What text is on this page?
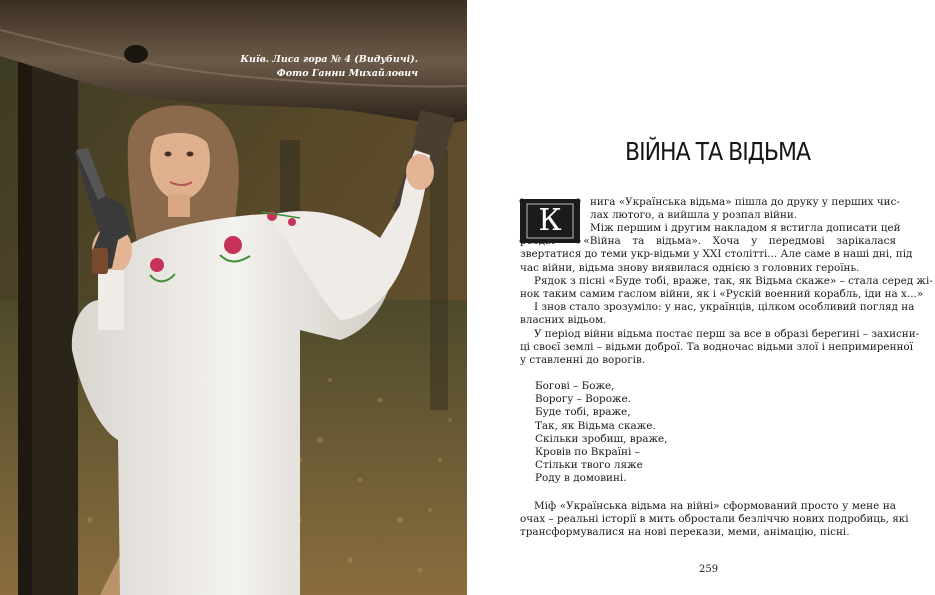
Київ. Лиса гора № 4 (Видубичі).
Фото Ганни Михайлович
ВІЙНА ТА ВІДЬМА
К
нига «Українська відьма» пішла до друку у перших чис-
лах лютого, а вийшла у розпал війни.
Між першим і другим накладом я встигла дописати цей
розділ – «Війна та відьма». Хоча у передмові зарікалася
звертатися до теми укр-відьми у XXI столітті... Але саме в наші дні, під
час війни, відьма знову виявилася однією з головних героїнь.
Рядок з пісні «Буде тобі, враже, так, як Відьма скаже» – стала серед жі-
нок таким самим гаслом війни, як і «Рускій военний корабль, іди на х...»
І знов стало зрозуміло: у нас, українців, цілком особливий погляд на
власних відьом.
У період війни відьма постає перш за все в образі берегині – захисни-
ці своєї землі – відьми доброї. Та водночас відьми злої і непримиренної
у ставленні до ворогів.
Богові – Боже,
Ворогу – Вороже.
Буде тобі, враже,
Так, як Відьма скаже.
Скільки зробиш, враже,
Кровів по Вкраїні –
Стільки твого ляже
Роду в домовині.
Міф «Українська відьма на війні» сформований просто у мене на
очах – реальні історії в мить обростали безліччю нових подробиць, які
трансформувалися на нові перекази, меми, анімацію, пісні.
259
